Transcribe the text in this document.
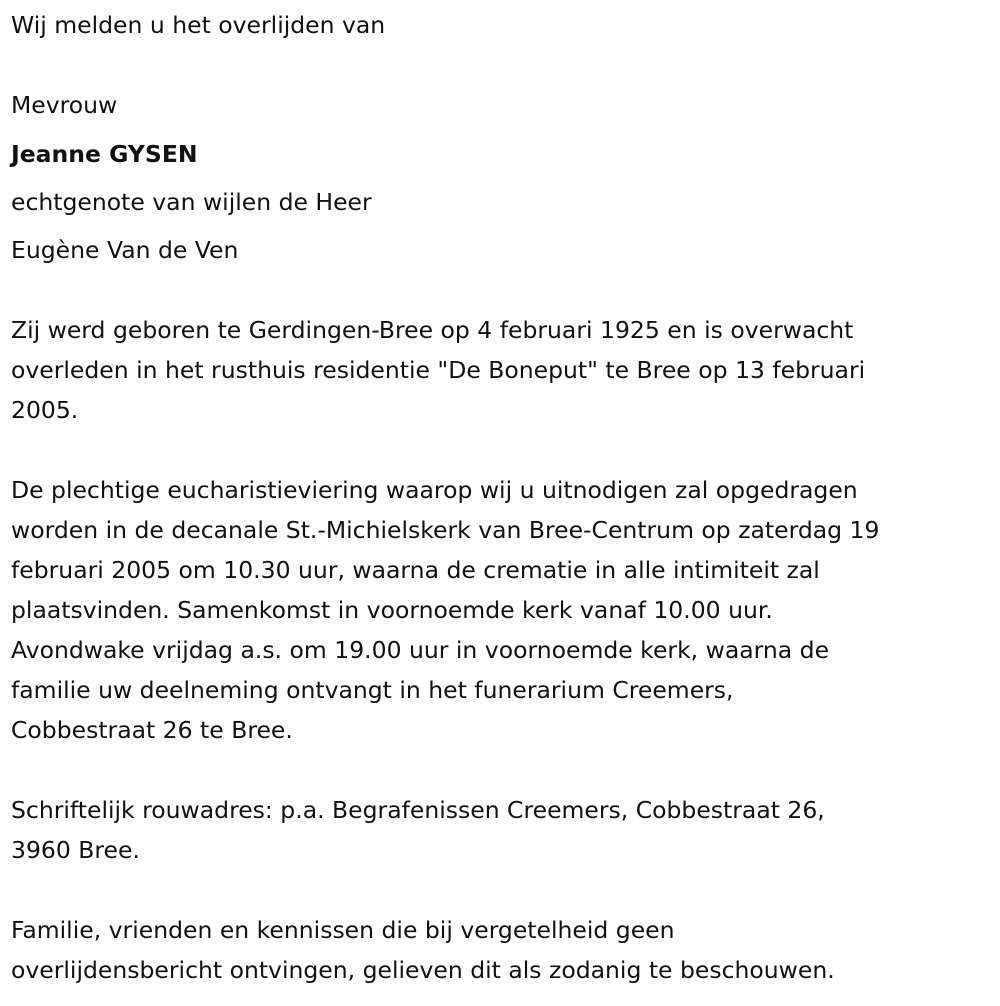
Wij melden u het overlijden van
Mevrouw
Jeanne GYSEN
echtgenote van wijlen de Heer
Eugène Van de Ven
Zij werd geboren te Gerdingen-Bree op 4 februari 1925 en is overwacht
overleden in het rusthuis residentie "De Boneput" te Bree op 13 februari
2005.
De plechtige eucharistieviering waarop wij u uitnodigen zal opgedragen
worden in de decanale St.-Michielskerk van Bree-Centrum op zaterdag 19
februari 2005 om 10.30 uur, waarna de crematie in alle intimiteit zal
plaatsvinden. Samenkomst in voornoemde kerk vanaf 10.00 uur.
Avondwake vrijdag a.s. om 19.00 uur in voornoemde kerk, waarna de
familie uw deelneming ontvangt in het funerarium Creemers,
Cobbestraat 26 te Bree.
Schriftelijk rouwadres: p.a. Begrafenissen Creemers, Cobbestraat 26,
3960 Bree.
Familie, vrienden en kennissen die bij vergetelheid geen
overlijdensbericht ontvingen, gelieven dit als zodanig te beschouwen.
